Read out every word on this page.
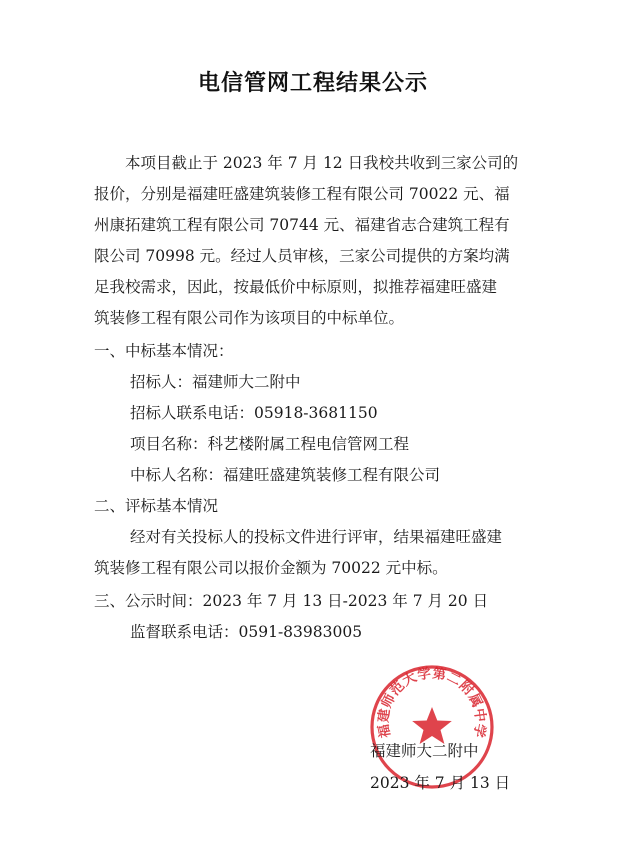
电信管网工程结果公示
本项目截止于 2023 年 7 月 12 日我校共收到三家公司的
报价，分别是福建旺盛建筑装修工程有限公司 70022 元、福
州康拓建筑工程有限公司 70744 元、福建省志合建筑工程有
限公司 70998 元。经过人员审核，三家公司提供的方案均满
足我校需求，因此，按最低价中标原则，拟推荐福建旺盛建
筑装修工程有限公司作为该项目的中标单位。
一、中标基本情况：
招标人：福建师大二附中
招标人联系电话：05918-3681150
项目名称：科艺楼附属工程电信管网工程
中标人名称：福建旺盛建筑装修工程有限公司
二、评标基本情况
经对有关投标人的投标文件进行评审，结果福建旺盛建
筑装修工程有限公司以报价金额为 70022 元中标。
三、公示时间：2023 年 7 月 13 日-2023 年 7 月 20 日
监督联系电话：0591-83983005
福建师范大学第二附属中学
福建师大二附中
2023 年 7 月 13 日
